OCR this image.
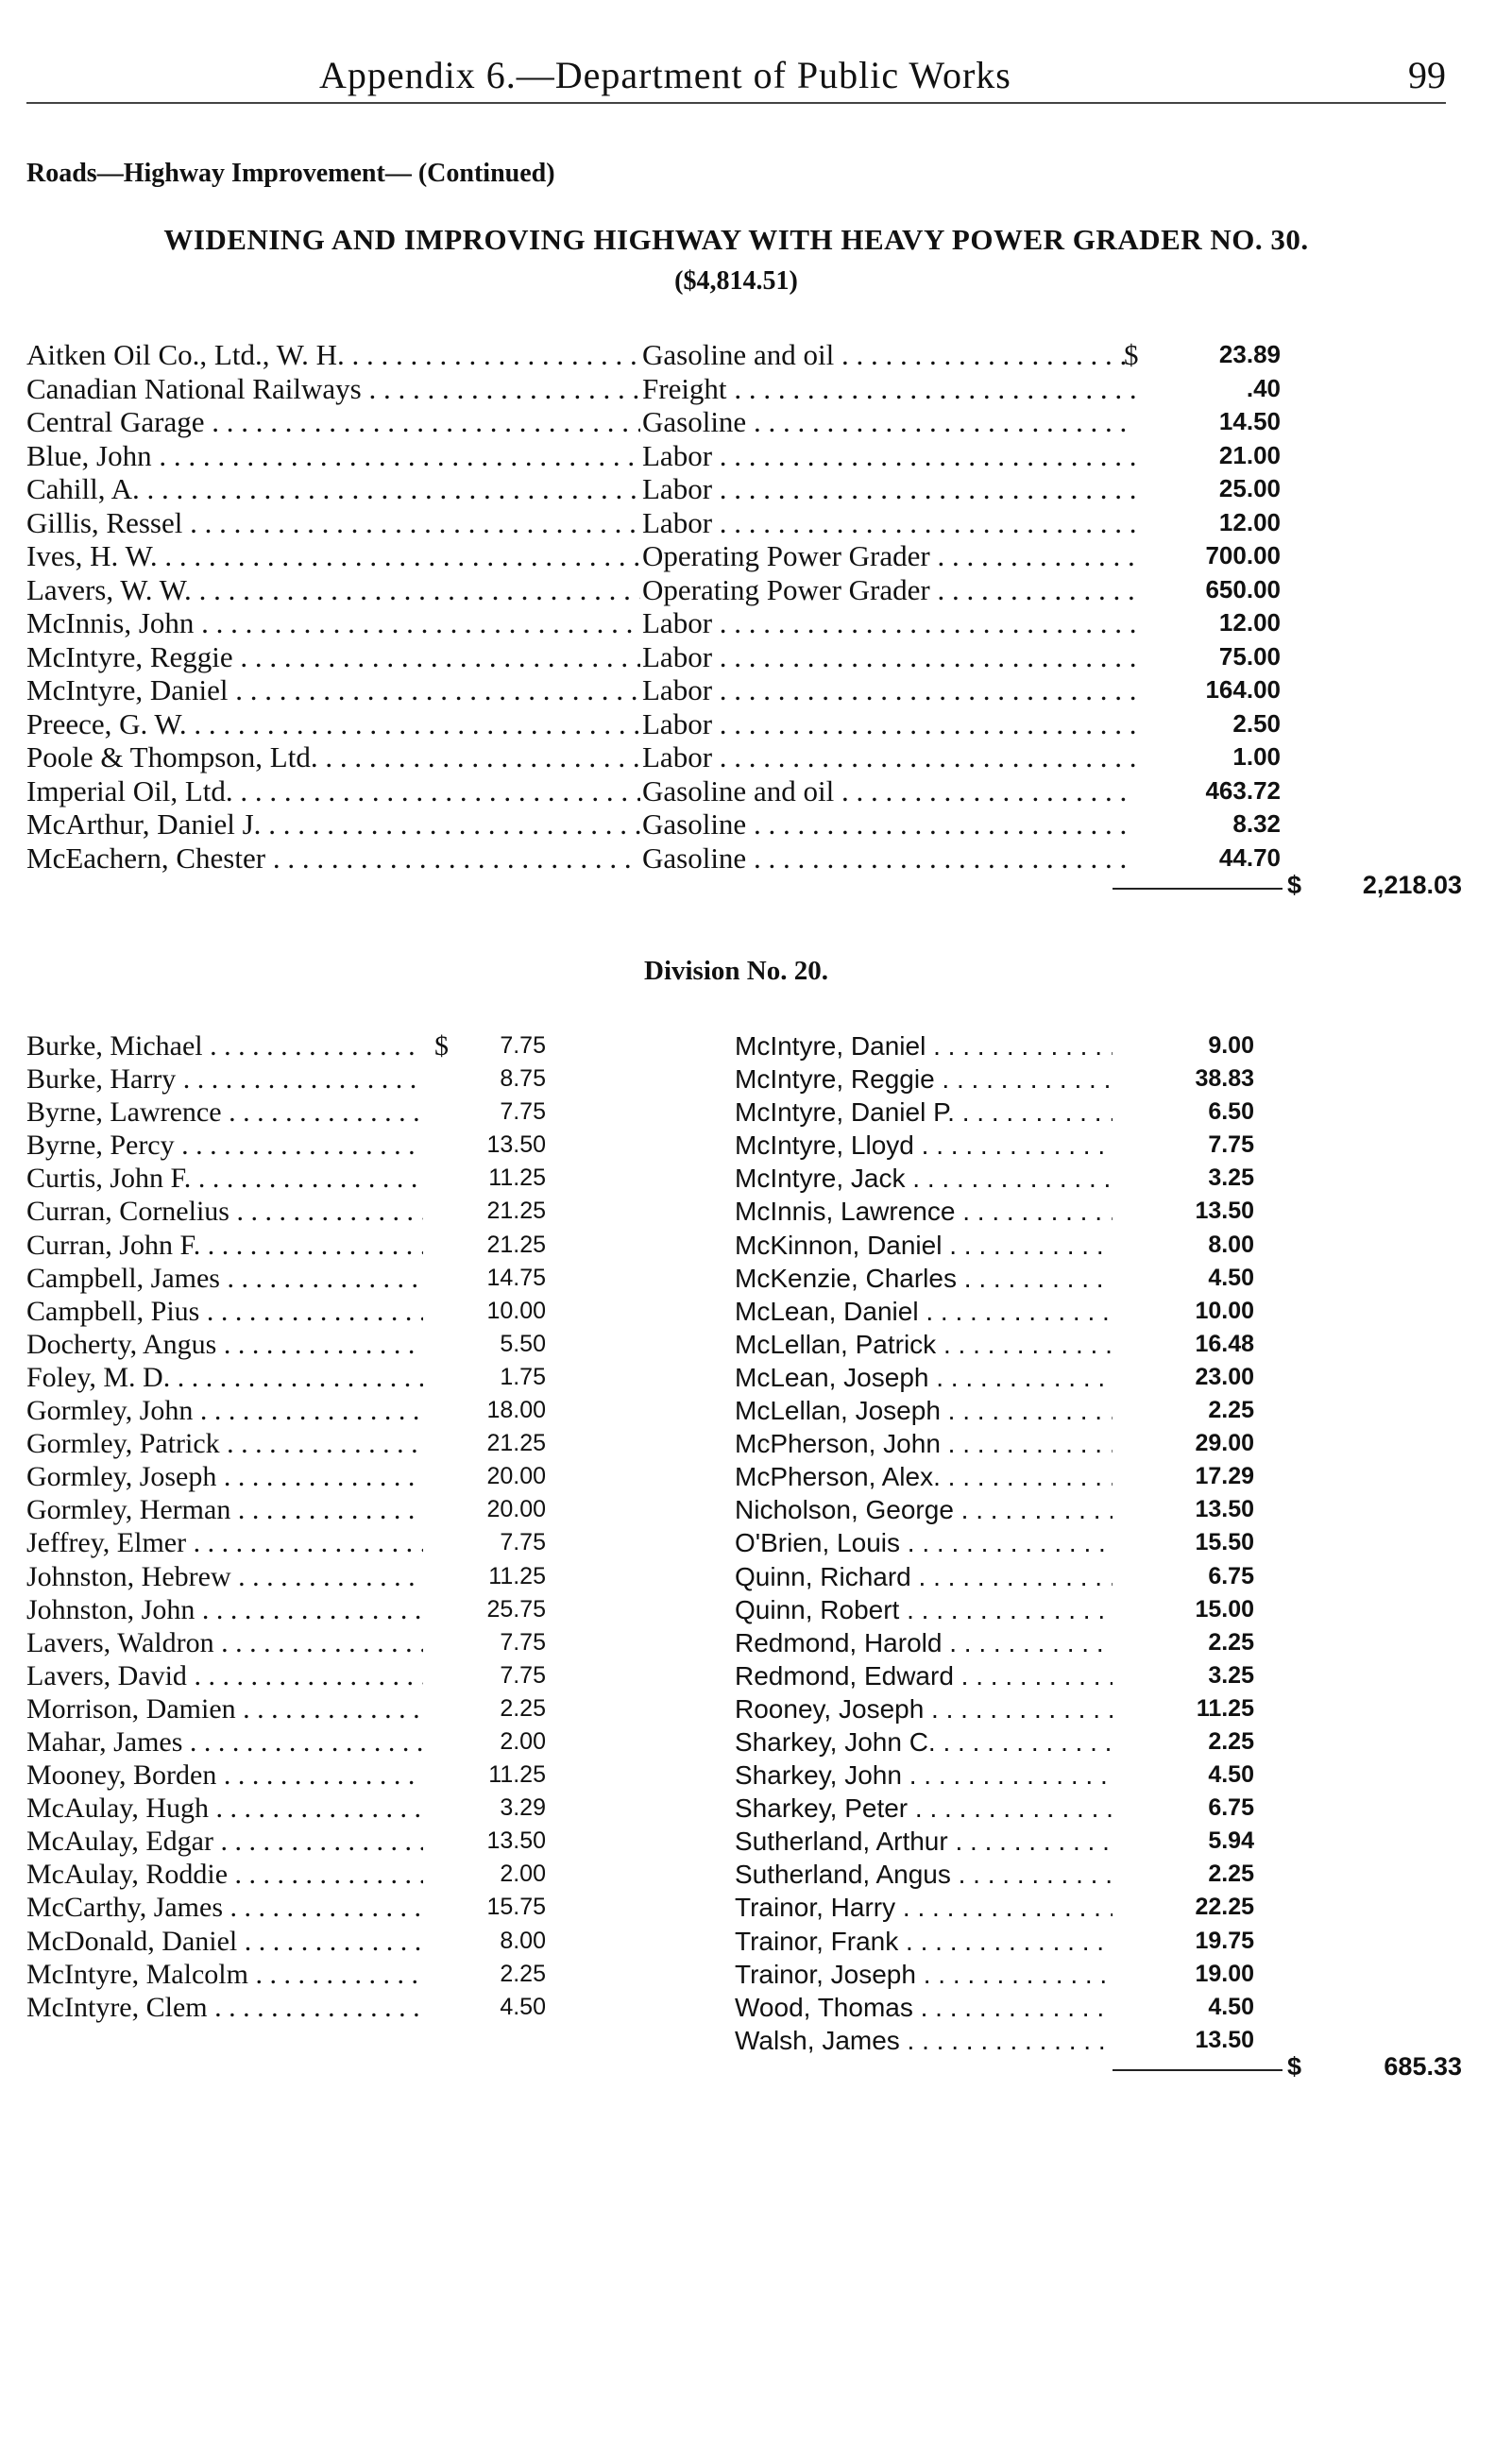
Appendix 6.—Department of Public Works	99
Roads—Highway Improvement— (Continued)
WIDENING AND IMPROVING HIGHWAY WITH HEAVY POWER GRADER NO. 30.
($4,814.51)
Aitken Oil Co., Ltd., W. H. . . .	Gasoline and oil . . .	$	23.89
Canadian National Railways . . .	Freight . . .	.40
Central Garage . . .	Gasoline . . .	14.50
Blue, John . . .	Labor . . .	21.00
Cahill, A. . . .	Labor . . .	25.00
Gillis, Ressel . . .	Labor . . .	12.00
Ives, H. W. . . .	Operating Power Grader . . .	700.00
Lavers, W. W. . . .	Operating Power Grader . . .	650.00
McInnis, John . . .	Labor . . .	12.00
McIntyre, Reggie . . .	Labor . . .	75.00
McIntyre, Daniel . . .	Labor . . .	164.00
Preece, G. W. . . .	Labor . . .	2.50
Poole & Thompson, Ltd. . . .	Labor . . .	1.00
Imperial Oil, Ltd. . . .	Gasoline and oil . . .	463.72
McArthur, Daniel J. . . .	Gasoline . . .	8.32
McEachern, Chester . . .	Gasoline . . .	44.70
$	2,218.03
Division No. 20.
Burke, Michael . . .	$	7.75
Burke, Harry . . .	8.75
Byrne, Lawrence . . .	7.75
Byrne, Percy . . .	13.50
Curtis, John F. . . .	11.25
Curran, Cornelius . . .	21.25
Curran, John F. . . .	21.25
Campbell, James . . .	14.75
Campbell, Pius . . .	10.00
Docherty, Angus . . .	5.50
Foley, M. D. . . .	1.75
Gormley, John . . .	18.00
Gormley, Patrick . . .	21.25
Gormley, Joseph . . .	20.00
Gormley, Herman . . .	20.00
Jeffrey, Elmer . . .	7.75
Johnston, Hebrew . . .	11.25
Johnston, John . . .	25.75
Lavers, Waldron . . .	7.75
Lavers, David . . .	7.75
Morrison, Damien . . .	2.25
Mahar, James . . .	2.00
Mooney, Borden . . .	11.25
McAulay, Hugh . . .	3.29
McAulay, Edgar . . .	13.50
McAulay, Roddie . . .	2.00
McCarthy, James . . .	15.75
McDonald, Daniel . . .	8.00
McIntyre, Malcolm . . .	2.25
McIntyre, Clem . . .	4.50
McIntyre, Daniel . . .	9.00
McIntyre, Reggie . . .	38.83
McIntyre, Daniel P. . . .	6.50
McIntyre, Lloyd . . .	7.75
McIntyre, Jack . . .	3.25
McInnis, Lawrence . . .	13.50
McKinnon, Daniel . . .	8.00
McKenzie, Charles . . .	4.50
McLean, Daniel . . .	10.00
McLellan, Patrick . . .	16.48
McLean, Joseph . . .	23.00
McLellan, Joseph . . .	2.25
McPherson, John . . .	29.00
McPherson, Alex. . . .	17.29
Nicholson, George . . .	13.50
O'Brien, Louis . . .	15.50
Quinn, Richard . . .	6.75
Quinn, Robert . . .	15.00
Redmond, Harold . . .	2.25
Redmond, Edward . . .	3.25
Rooney, Joseph . . .	11.25
Sharkey, John C. . . .	2.25
Sharkey, John . . .	4.50
Sharkey, Peter . . .	6.75
Sutherland, Arthur . . .	5.94
Sutherland, Angus . . .	2.25
Trainor, Harry . . .	22.25
Trainor, Frank . . .	19.75
Trainor, Joseph . . .	19.00
Wood, Thomas . . .	4.50
Walsh, James . . .	13.50
$	685.33
